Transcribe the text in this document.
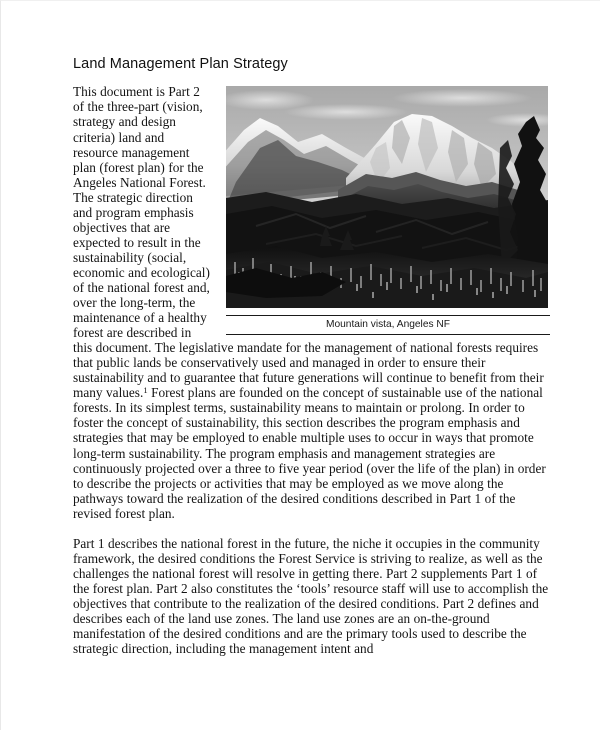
Land Management Plan Strategy
Mountain vista, Angeles NF

This document is Part 2 of the three-part (vision, strategy and design criteria) land and resource management plan (forest plan) for the Angeles National Forest. The strategic direction and program emphasis objectives that are expected to result in the sustainability (social, economic and ecological) of the national forest and, over the long-term, the maintenance of a healthy forest are described in this document. The legislative mandate for the management of national forests requires that public lands be conservatively used and managed in order to ensure their sustainability and to guarantee that future generations will continue to benefit from their many values.$^1$ Forest plans are founded on the concept of sustainable use of the national forests. In its simplest terms, sustainability means to maintain or prolong. In order to foster the concept of sustainability, this section describes the program emphasis and strategies that may be employed to enable multiple uses to occur in ways that promote long-term sustainability. The program emphasis and management strategies are continuously projected over a three to five year period (over the life of the plan) in order to describe the projects or activities that may be employed as we move along the pathways toward the realization of the desired conditions described in Part 1 of the revised forest plan.

Part 1 describes the national forest in the future, the niche it occupies in the community framework, the desired conditions the Forest Service is striving to realize, as well as the challenges the national forest will resolve in getting there. Part 2 supplements Part 1 of the forest plan. Part 2 also constitutes the ‘tools’ resource staff will use to accomplish the objectives that contribute to the realization of the desired conditions. Part 2 defines and describes each of the land use zones. The land use zones are an on-the-ground manifestation of the desired conditions and are the primary tools used to describe the strategic direction, including the management intent and
